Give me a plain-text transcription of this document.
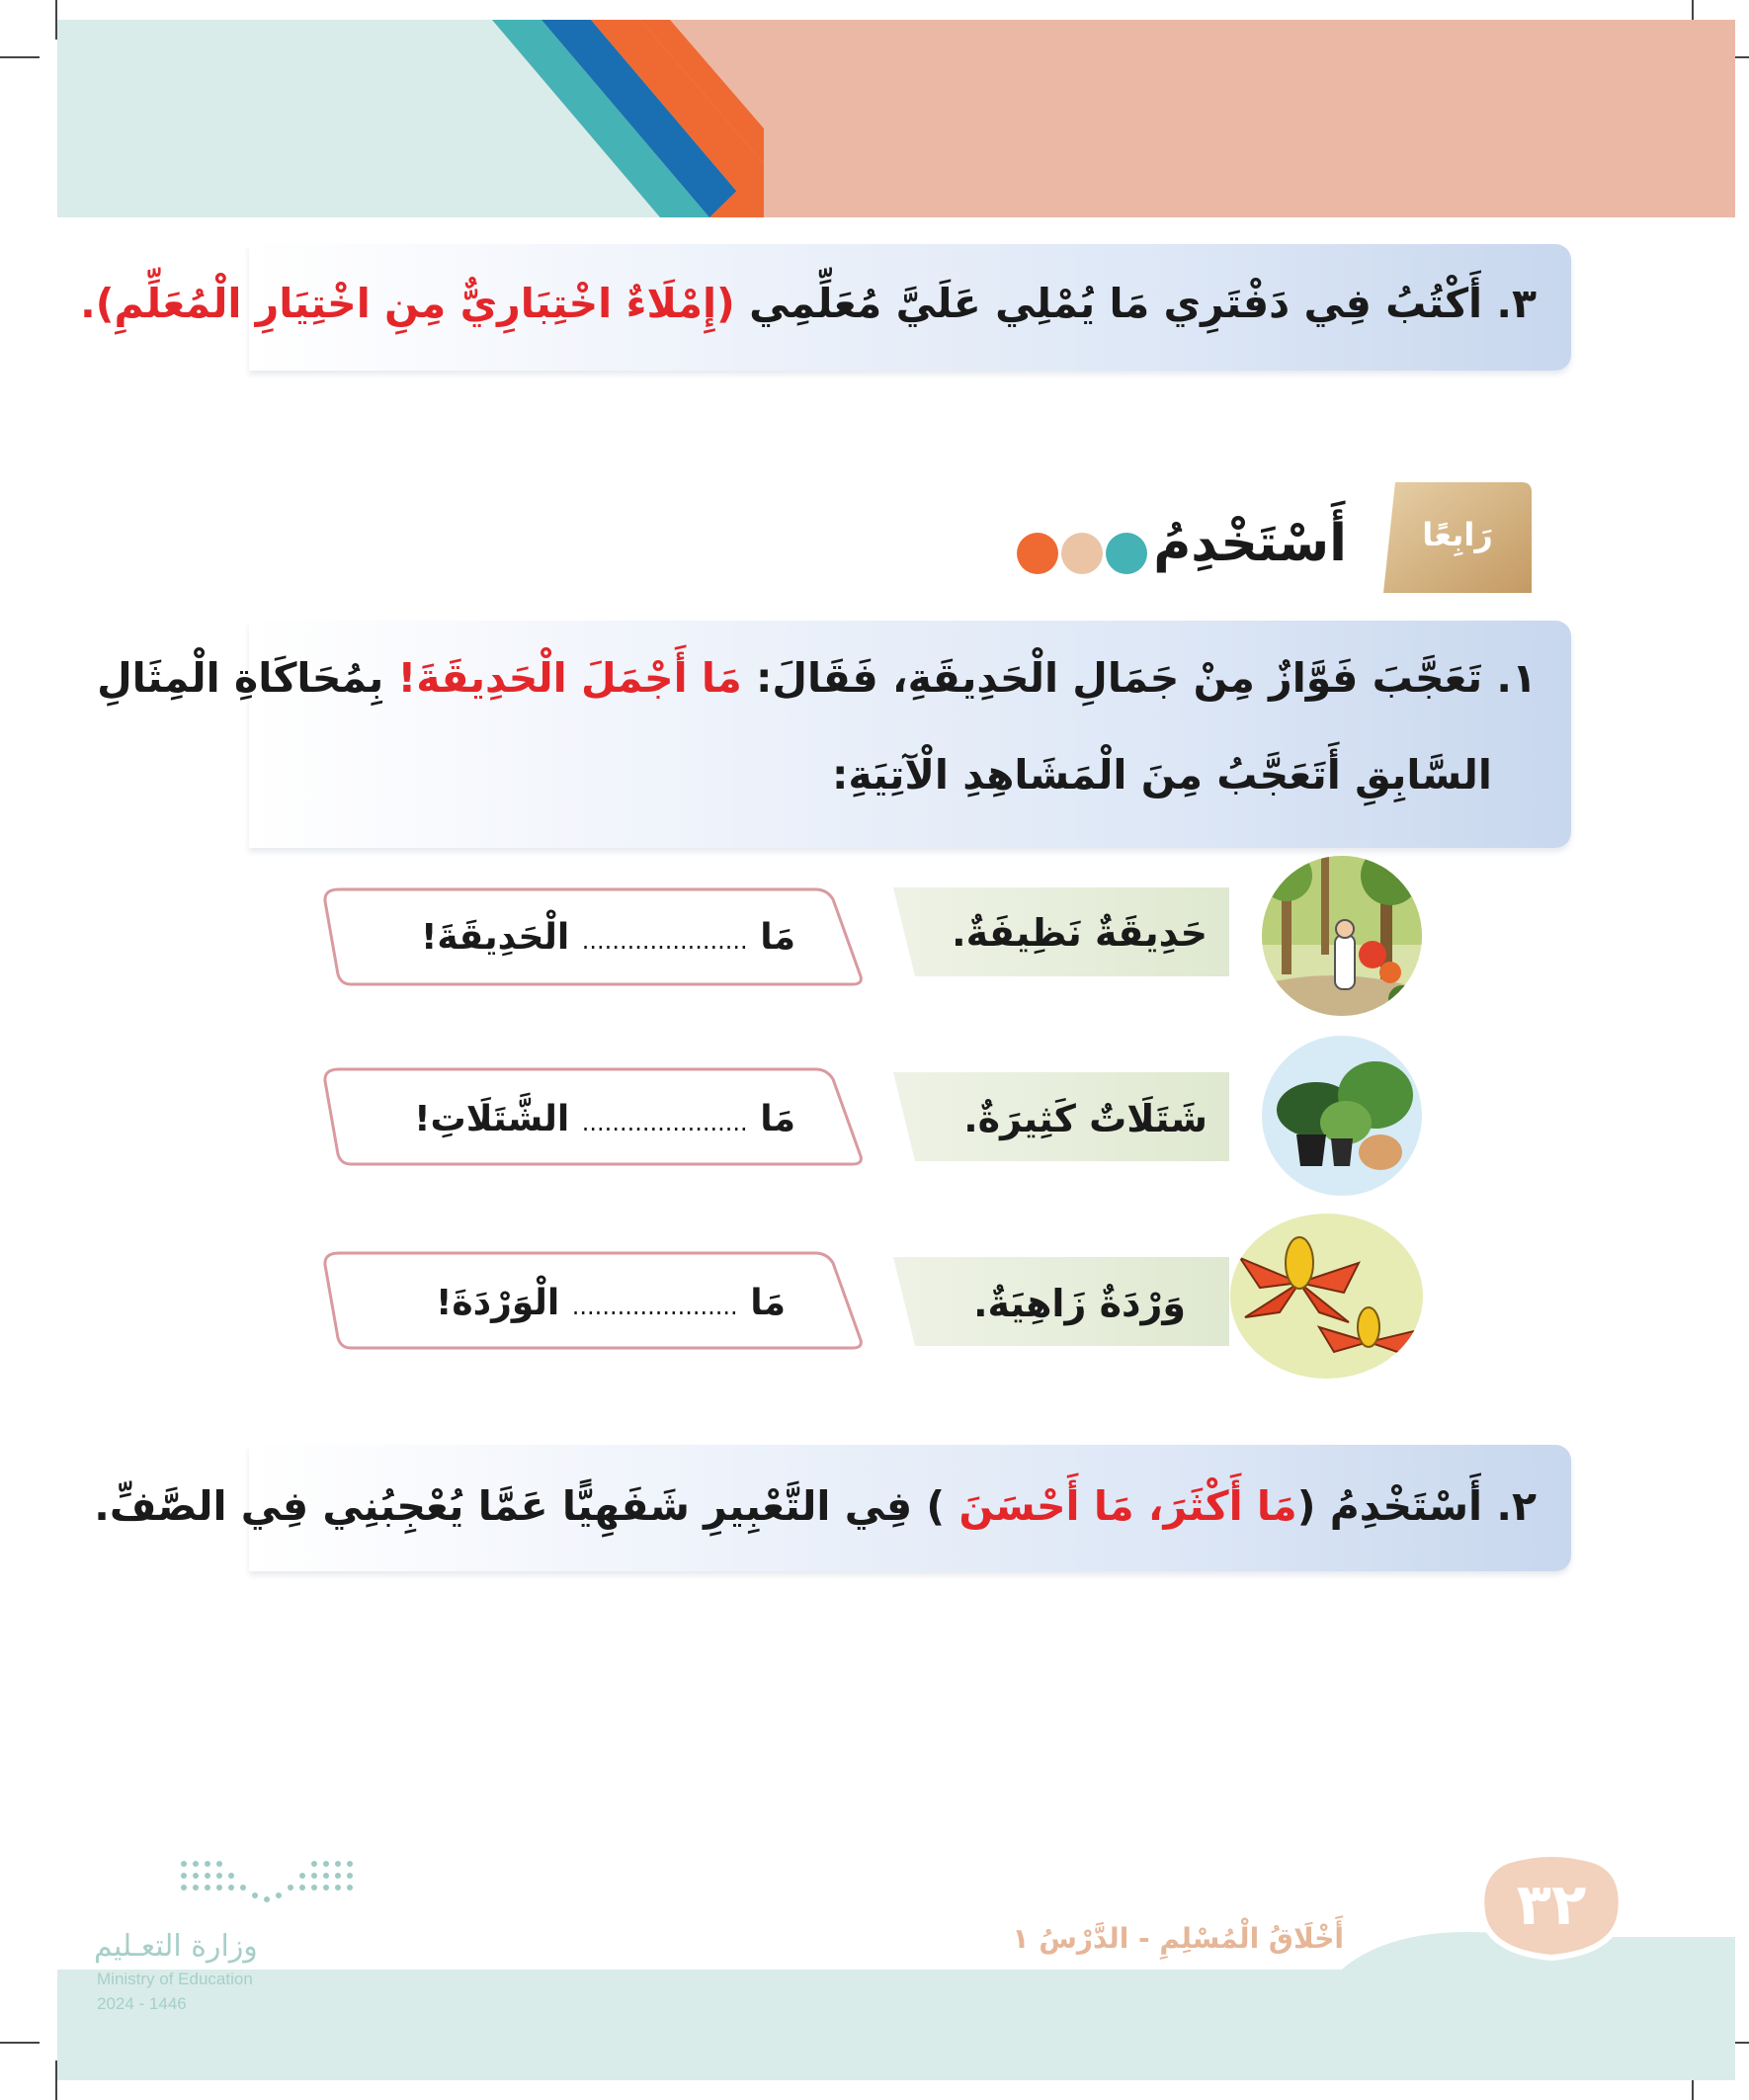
٣. أَكْتُبُ فِي دَفْتَرِي مَا يُمْلِي عَلَيَّ مُعَلِّمِي (إِمْلَاءٌ اخْتِبَارِيٌّ مِنِ اخْتِيَارِ الْمُعَلِّمِ).
رَابِعًا
أَسْتَخْدِمُ
١. تَعَجَّبَ فَوَّازٌ مِنْ جَمَالِ الْحَدِيقَةِ، فَقَالَ: مَا أَجْمَلَ الْحَدِيقَةَ! بِمُحَاكَاةِ الْمِثَالِ
السَّابِقِ أَتَعَجَّبُ مِنَ الْمَشَاهِدِ الْآتِيَةِ:
حَدِيقَةٌ نَظِيفَةٌ.
مَا ...................... الْحَدِيقَةَ!
شَتَلَاتٌ كَثِيرَةٌ.
مَا ...................... الشَّتَلَاتِ!
وَرْدَةٌ زَاهِيَةٌ.
مَا ...................... الْوَرْدَةَ!
٢. أَسْتَخْدِمُ (مَا أَكْثَرَ، مَا أَحْسَنَ ) فِي التَّعْبِيرِ شَفَهِيًّا عَمَّا يُعْجِبُنِي فِي الصَّفِّ.
٣٢
أَخْلَاقُ الْمُسْلِمِ - الدَّرْسُ ١
وزارة التعـليم
Ministry of Education
2024 - 1446
